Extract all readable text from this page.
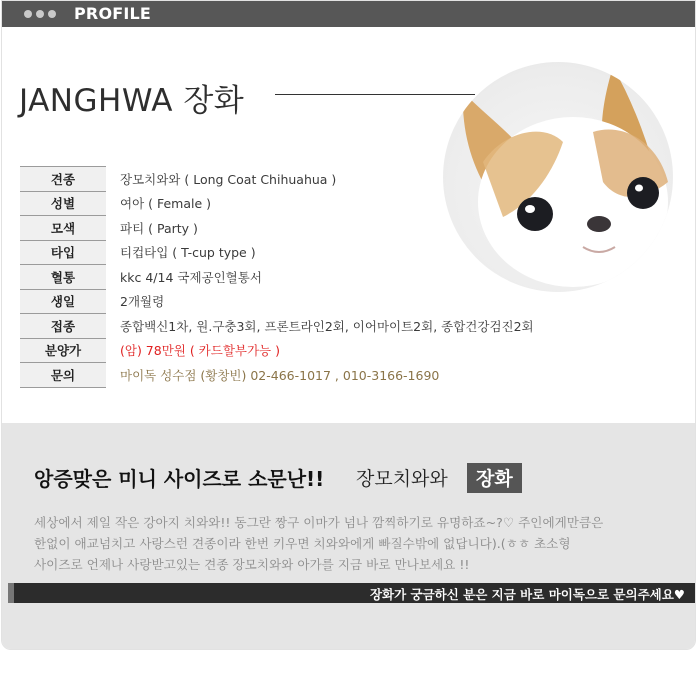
PROFILE
JANGHWA 장화
견종	장모치와와 ( Long Coat Chihuahua )
성별	여아 ( Female )
모색	파티 ( Party )
타입	티컵타입 ( T-cup type )
혈통	kkc 4/14 국제공인혈통서
생일	2개월령
접종	종합백신1차, 원.구충3회, 프론트라인2회, 이어마이트2회, 종합건강검진2회
분양가	(암) 78만원 ( 카드할부가능 )
문의	마이독 성수점 (황창빈) 02-466-1017 , 010-3166-1690
앙증맞은 미니 사이즈로 소문난!! 장모치와와	장화
세상에서 제일 작은 강아지 치와와!! 동그란 짱구 이마가 넘나 깜찍하기로 유명하죠~?♡ 주인에게만큼은
한없이 애교넘치고 사랑스런 견종이라 한번 키우면 치와와에게 빠질수밖에 없답니다).(ㅎㅎ 초소형
사이즈로 언제나 사랑받고있는 견종 장모치와와 아가를 지금 바로 만나보세요 !!
장화가 궁금하신 분은 지금 바로 마이독으로 문의주세요♥
